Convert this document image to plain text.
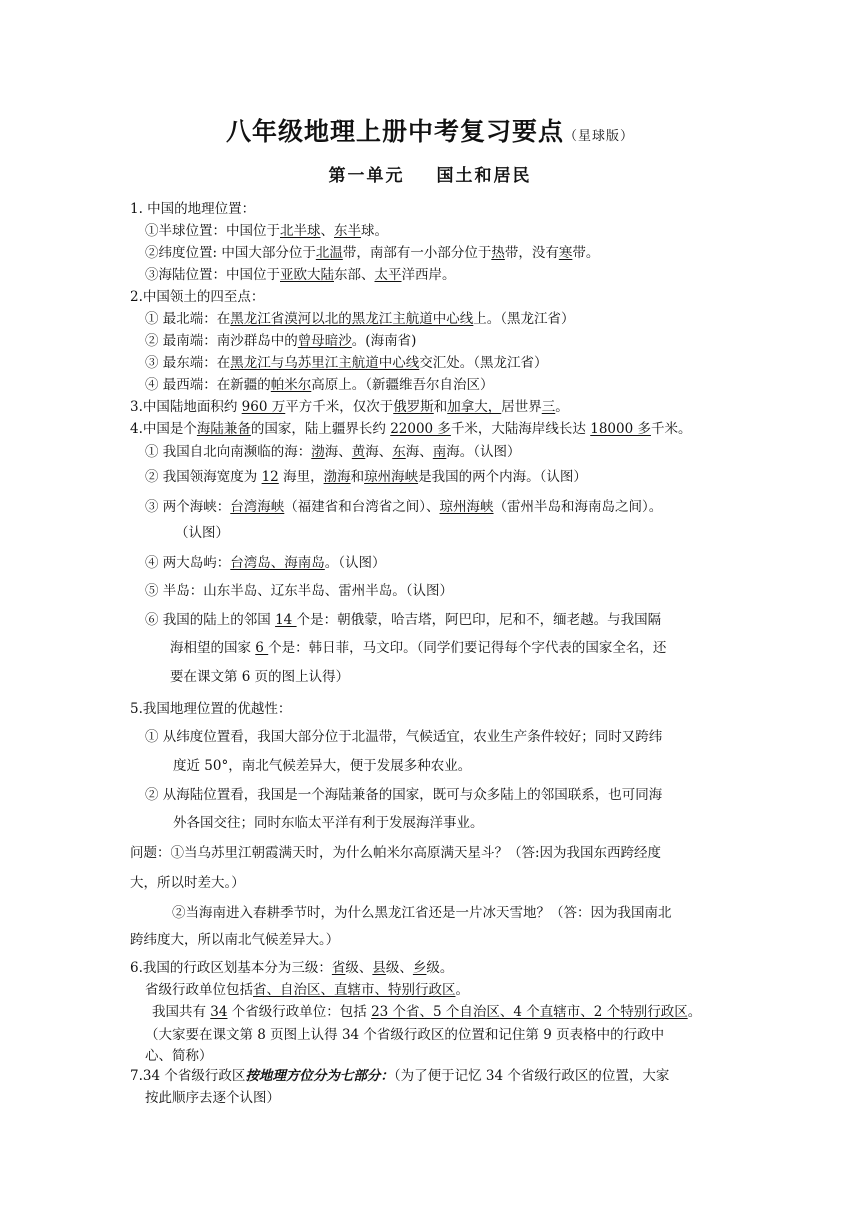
八年级地理上册中考复习要点（星球版）
第一单元 国土和居民
1. 中国的地理位置：
①半球位置：中国位于北半球、东半球。
②纬度位置: 中国大部分位于北温带，南部有一小部分位于热带，没有寒带。
③海陆位置：中国位于亚欧大陆东部、太平洋西岸。
2.中国领土的四至点：
① 最北端：在黑龙江省漠河以北的黑龙江主航道中心线上。（黑龙江省）
② 最南端：南沙群岛中的曾母暗沙。(海南省)
③ 最东端：在黑龙江与乌苏里江主航道中心线交汇处。（黑龙江省）
④ 最西端：在新疆的帕米尔高原上。（新疆维吾尔自治区）
3.中国陆地面积约 960 万平方千米，仅次于俄罗斯和加拿大，居世界三。
4.中国是个海陆兼备的国家，陆上疆界长约 22000 多千米，大陆海岸线长达 18000 多千米。
① 我国自北向南濒临的海：渤海、黄海、东海、南海。（认图）
② 我国领海宽度为 12 海里，渤海和琼州海峡是我国的两个内海。（认图）
③ 两个海峡：台湾海峡（福建省和台湾省之间）、琼州海峡（雷州半岛和海南岛之间）。
（认图）
④ 两大岛屿：台湾岛、海南岛。（认图）
⑤ 半岛：山东半岛、辽东半岛、雷州半岛。（认图）
⑥ 我国的陆上的邻国 14 个是：朝俄蒙，哈吉塔，阿巴印，尼和不，缅老越。与我国隔
海相望的国家 6 个是：韩日菲，马文印。（同学们要记得每个字代表的国家全名，还
要在课文第 6 页的图上认得）
5.我国地理位置的优越性：
① 从纬度位置看，我国大部分位于北温带，气候适宜，农业生产条件较好；同时又跨纬
度近 50°，南北气候差异大，便于发展多种农业。
② 从海陆位置看，我国是一个海陆兼备的国家，既可与众多陆上的邻国联系，也可同海
外各国交往；同时东临太平洋有利于发展海洋事业。
问题：①当乌苏里江朝霞满天时，为什么帕米尔高原满天星斗？（答:因为我国东西跨经度
大，所以时差大。）
②当海南进入春耕季节时，为什么黑龙江省还是一片冰天雪地？（答：因为我国南北
跨纬度大，所以南北气候差异大。）
6.我国的行政区划基本分为三级：省级、县级、乡级。
省级行政单位包括省、自治区、直辖市、特别行政区。
我国共有 34 个省级行政单位：包括 23 个省、5 个自治区、4 个直辖市、2 个特别行政区。
（大家要在课文第 8 页图上认得 34 个省级行政区的位置和记住第 9 页表格中的行政中
心、简称）
7.34 个省级行政区按地理方位分为七部分：（为了便于记忆 34 个省级行政区的位置，大家
按此顺序去逐个认图）
